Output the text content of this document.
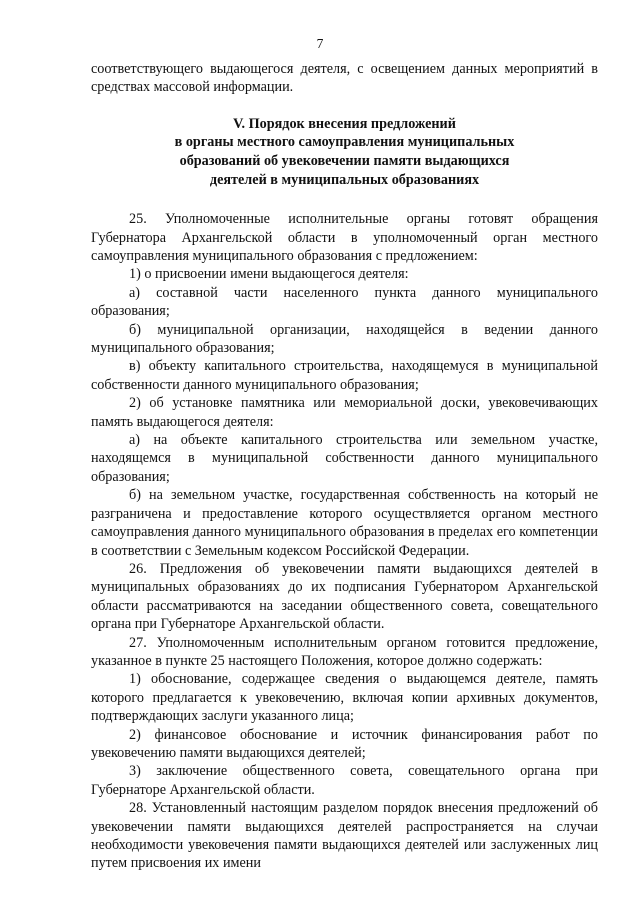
7

соответствующего выдающегося деятеля, с освещением данных мероприятий в средствах массовой информации.

V. Порядок внесения предложений
в органы местного самоуправления муниципальных
образований об увековечении памяти выдающихся
деятелей в муниципальных образованиях

25. Уполномоченные исполнительные органы готовят обращения Губернатора Архангельской области в уполномоченный орган местного самоуправления муниципального образования с предложением:

1) о присвоении имени выдающегося деятеля:

а) составной части населенного пункта данного муниципального образования;

б) муниципальной организации, находящейся в ведении данного муниципального образования;

в) объекту капитального строительства, находящемуся в муниципальной собственности данного муниципального образования;

2) об установке памятника или мемориальной доски, увековечивающих память выдающегося деятеля:

а) на объекте капитального строительства или земельном участке, находящемся в муниципальной собственности данного муниципального образования;

б) на земельном участке, государственная собственность на который не разграничена и предоставление которого осуществляется органом местного самоуправления данного муниципального образования в пределах его компетенции в соответствии с Земельным кодексом Российской Федерации.

26. Предложения об увековечении памяти выдающихся деятелей в муниципальных образованиях до их подписания Губернатором Архангельской области рассматриваются на заседании общественного совета, совещательного органа при Губернаторе Архангельской области.

27. Уполномоченным исполнительным органом готовится предложение, указанное в пункте 25 настоящего Положения, которое должно содержать:

1) обоснование, содержащее сведения о выдающемся деятеле, память которого предлагается к увековечению, включая копии архивных документов, подтверждающих заслуги указанного лица;

2) финансовое обоснование и источник финансирования работ по увековечению памяти выдающихся деятелей;

3) заключение общественного совета, совещательного органа при Губернаторе Архангельской области.

28. Установленный настоящим разделом порядок внесения предложений об увековечении памяти выдающихся деятелей распространяется на случаи необходимости увековечения памяти выдающихся деятелей или заслуженных лиц путем присвоения их имени
